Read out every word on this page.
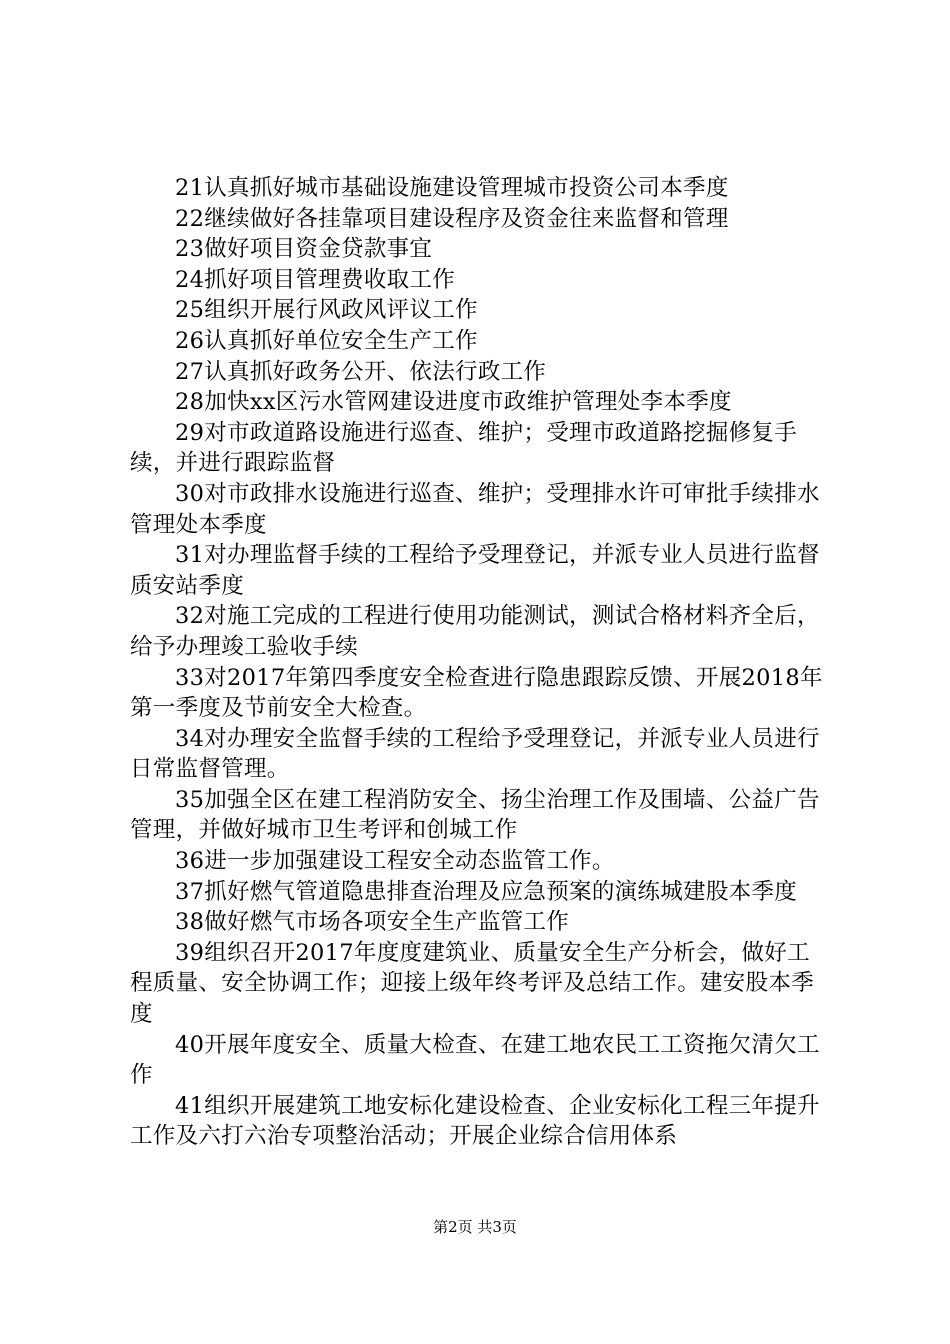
21认真抓好城市基础设施建设管理城市投资公司本季度

22继续做好各挂靠项目建设程序及资金往来监督和管理

23做好项目资金贷款事宜

24抓好项目管理费收取工作

25组织开展行风政风评议工作

26认真抓好单位安全生产工作

27认真抓好政务公开、依法行政工作

28加快xx区污水管网建设进度市政维护管理处李本季度

29对市政道路设施进行巡查、维护；受理市政道路挖掘修复手续，并进行跟踪监督

30对市政排水设施进行巡查、维护；受理排水许可审批手续排水管理处本季度

31对办理监督手续的工程给予受理登记，并派专业人员进行监督质安站季度

32对施工完成的工程进行使用功能测试，测试合格材料齐全后，给予办理竣工验收手续

33对2017年第四季度安全检查进行隐患跟踪反馈、开展2018年第一季度及节前安全大检查。

34对办理安全监督手续的工程给予受理登记，并派专业人员进行日常监督管理。

35加强全区在建工程消防安全、扬尘治理工作及围墙、公益广告管理，并做好城市卫生考评和创城工作

36进一步加强建设工程安全动态监管工作。

37抓好燃气管道隐患排查治理及应急预案的演练城建股本季度

38做好燃气市场各项安全生产监管工作

39组织召开2017年度度建筑业、质量安全生产分析会，做好工程质量、安全协调工作；迎接上级年终考评及总结工作。建安股本季度

40开展年度安全、质量大检查、在建工地农民工工资拖欠清欠工作

41组织开展建筑工地安标化建设检查、企业安标化工程三年提升工作及六打六治专项整治活动；开展企业综合信用体系

第2页 共3页
